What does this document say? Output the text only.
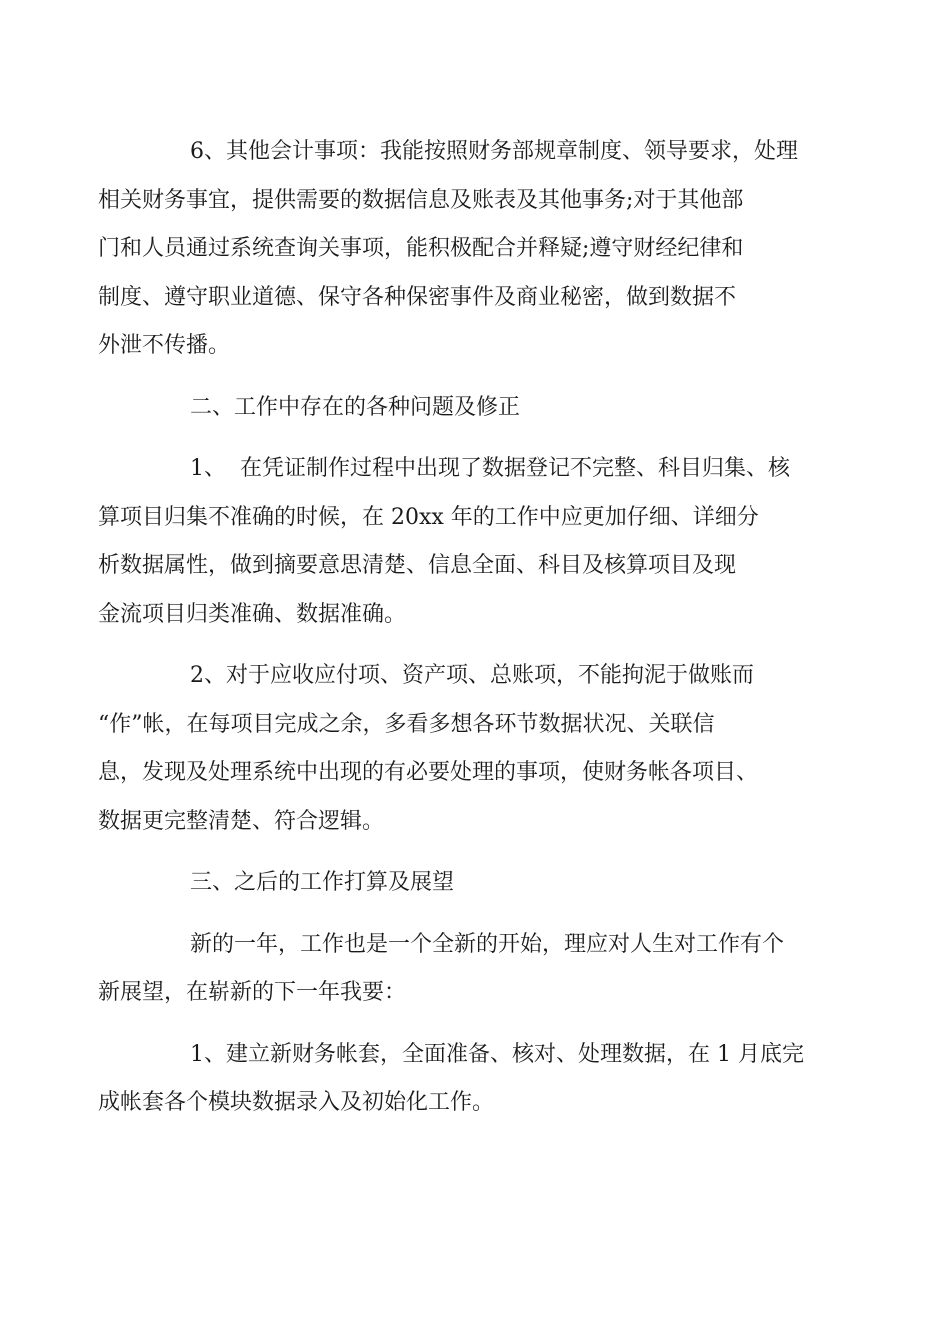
6、其他会计事项：我能按照财务部规章制度、领导要求，处理
相关财务事宜，提供需要的数据信息及账表及其他事务;对于其他部
门和人员通过系统查询关事项，能积极配合并释疑;遵守财经纪律和
制度、遵守职业道德、保守各种保密事件及商业秘密，做到数据不
外泄不传播。
二、工作中存在的各种问题及修正
1、  在凭证制作过程中出现了数据登记不完整、科目归集、核
算项目归集不准确的时候，在 20xx 年的工作中应更加仔细、详细分
析数据属性，做到摘要意思清楚、信息全面、科目及核算项目及现
金流项目归类准确、数据准确。
2、对于应收应付项、资产项、总账项，不能拘泥于做账而
“作”帐，在每项目完成之余，多看多想各环节数据状况、关联信
息，发现及处理系统中出现的有必要处理的事项，使财务帐各项目、
数据更完整清楚、符合逻辑。
三、之后的工作打算及展望
新的一年，工作也是一个全新的开始，理应对人生对工作有个
新展望，在崭新的下一年我要：
1、建立新财务帐套，全面准备、核对、处理数据，在 1 月底完
成帐套各个模块数据录入及初始化工作。
